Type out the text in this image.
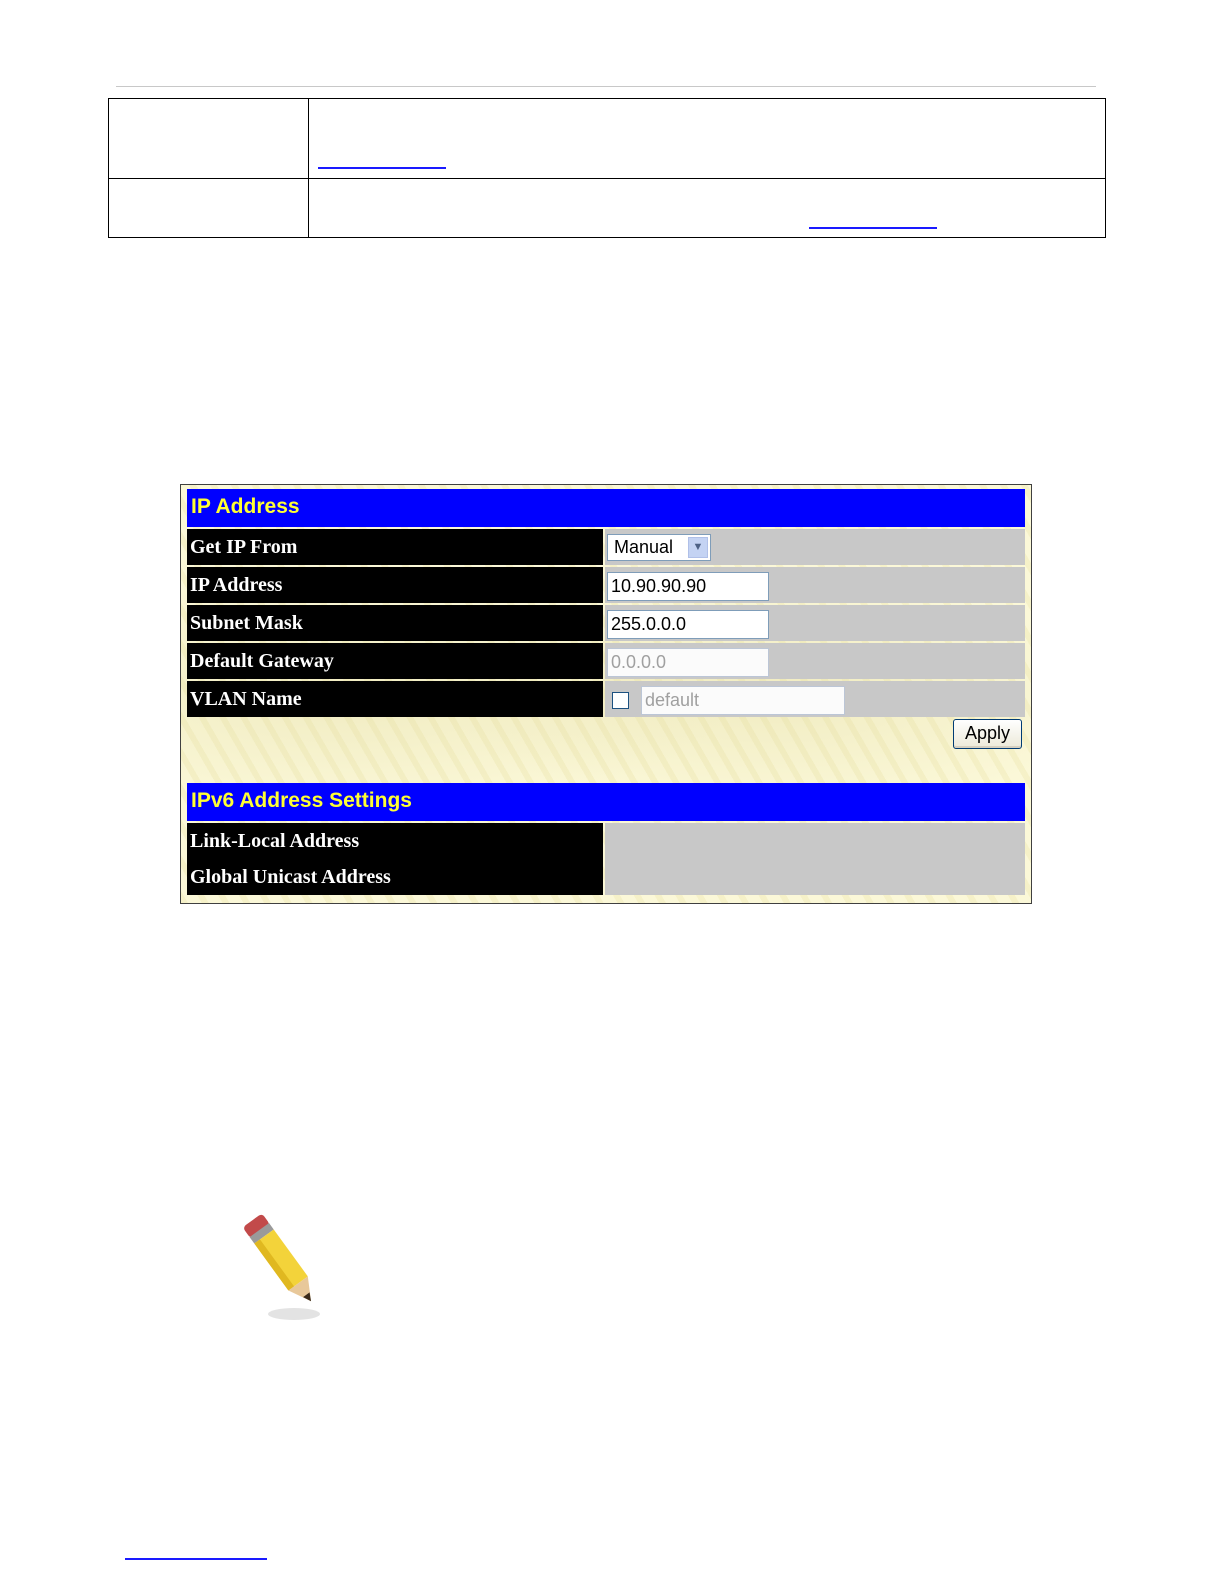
IP Address
Get IP From	Manual	▼
IP Address	10.90.90.90
Subnet Mask	255.0.0.0
Default Gateway	0.0.0.0
VLAN Name	default
Apply
IPv6 Address Settings
Link-Local Address
Global Unicast Address
